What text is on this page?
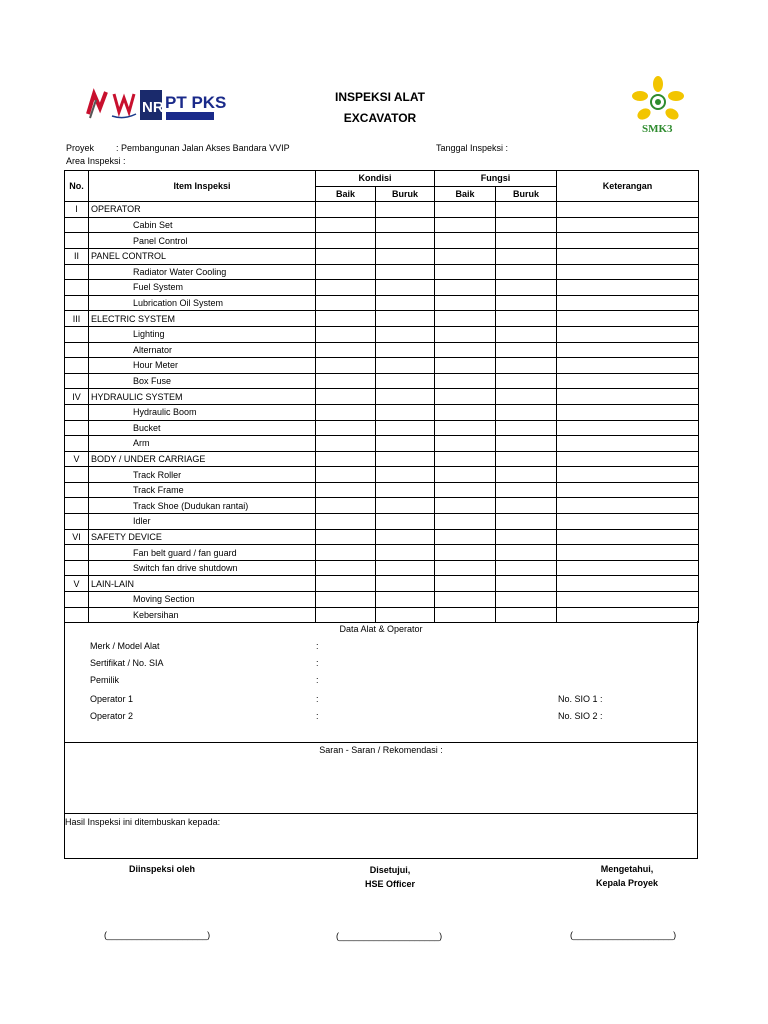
NR PT PKS	INSPEKSI ALAT
EXCAVATOR
SMK3
Proyek : Pembangunan Jalan Akses Bandara VVIP	Tanggal Inspeksi :
Area Inspeksi :
No.	Item Inspeksi	Kondisi		Fungsi		Keterangan
		Baik	Buruk	Baik	Buruk	
I	OPERATOR					
	Cabin Set					
	Panel Control					
II	PANEL CONTROL					
	Radiator Water Cooling					
	Fuel System					
	Lubrication Oil System					
III	ELECTRIC SYSTEM					
	Lighting					
	Alternator					
	Hour Meter					
	Box Fuse					
IV	HYDRAULIC SYSTEM					
	Hydraulic Boom					
	Bucket					
	Arm					
V	BODY / UNDER CARRIAGE					
	Track Roller					
	Track Frame					
	Track Shoe (Dudukan rantai)					
	Idler					
VI	SAFETY DEVICE					
	Fan belt guard / fan guard					
	Switch fan drive shutdown					
V	LAIN-LAIN					
	Moving Section					
	Kebersihan					
Data Alat & Operator
Merk / Model Alat	:
Sertifikat / No. SIA	:
Pemilik	:
Operator 1	:	No. SIO 1 :
Operator 2	:	No. SIO 2 :
Saran - Saran / Rekomendasi :
Hasil Inspeksi ini ditembuskan kepada:
Diinspeksi oleh	Disetujui,
HSE Officer
Mengetahui,
Kepala Proyek
(____________________)	(____________________)	(____________________)
